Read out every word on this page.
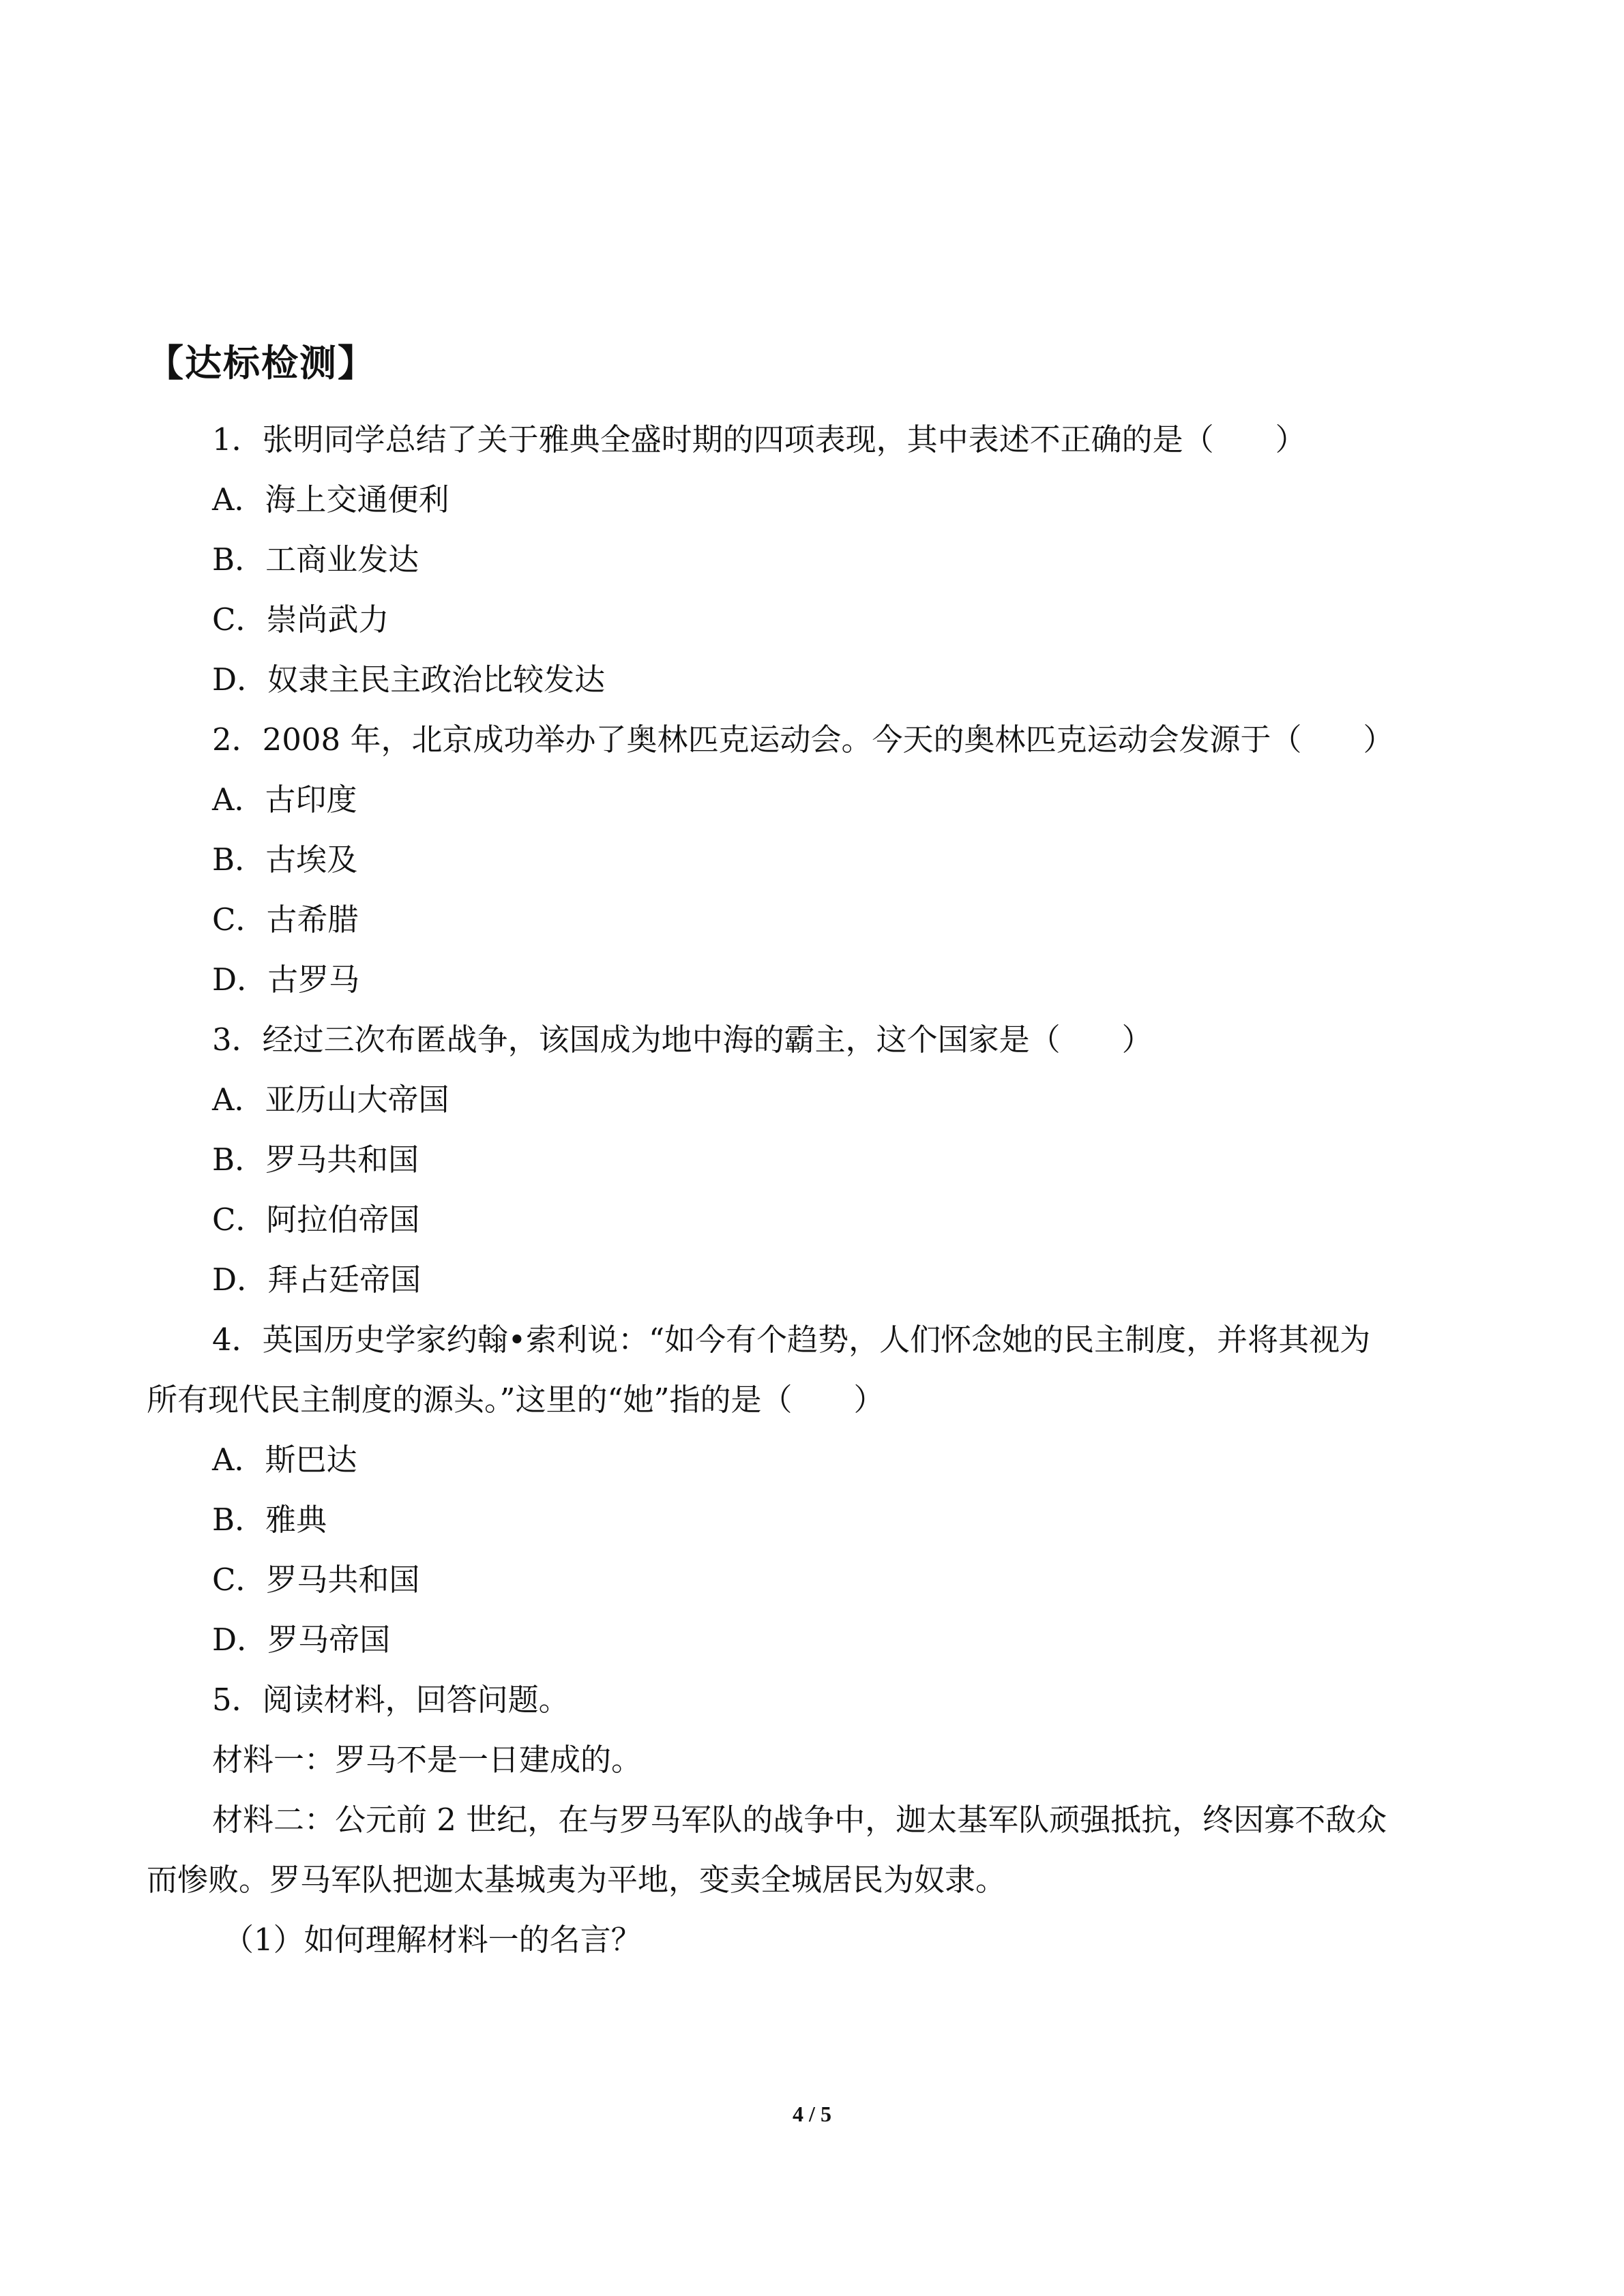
【达标检测】
1．张明同学总结了关于雅典全盛时期的四项表现，其中表述不正确的是（　　）
A．海上交通便利
B．工商业发达
C．崇尚武力
D．奴隶主民主政治比较发达
2．2008 年，北京成功举办了奥林匹克运动会。今天的奥林匹克运动会发源于（　　）
A．古印度
B．古埃及
C．古希腊
D．古罗马
3．经过三次布匿战争，该国成为地中海的霸主，这个国家是（　　）
A．亚历山大帝国
B．罗马共和国
C．阿拉伯帝国
D．拜占廷帝国
4．英国历史学家约翰•索利说：“如今有个趋势，人们怀念她的民主制度，并将其视为
所有现代民主制度的源头。”这里的“她”指的是（　　）
A．斯巴达
B．雅典
C．罗马共和国
D．罗马帝国
5．阅读材料，回答问题。
材料一：罗马不是一日建成的。
材料二：公元前 2 世纪，在与罗马军队的战争中，迦太基军队顽强抵抗，终因寡不敌众
而惨败。罗马军队把迦太基城夷为平地，变卖全城居民为奴隶。
（1）如何理解材料一的名言？
4 / 5
